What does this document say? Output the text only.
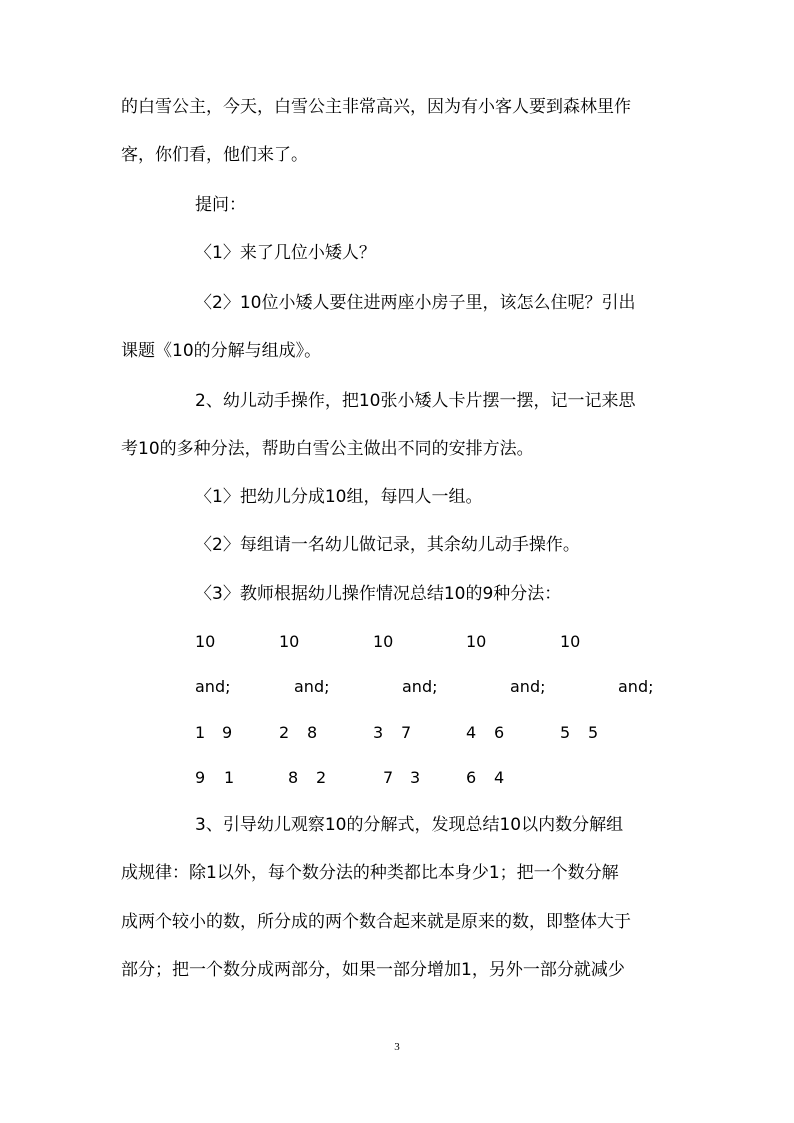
的白雪公主，今天，白雪公主非常高兴，因为有小客人要到森林里作
客，你们看，他们来了。
提问：
〈1〉来了几位小矮人？
〈2〉10位小矮人要住进两座小房子里，该怎么住呢？引出
课题《10的分解与组成》。
2、幼儿动手操作，把10张小矮人卡片摆一摆，记一记来思
考10的多种分法，帮助白雪公主做出不同的安排方法。
〈1〉把幼儿分成10组，每四人一组。
〈2〉每组请一名幼儿做记录，其余幼儿动手操作。
〈3〉教师根据幼儿操作情况总结10的9种分法：
10	10	10	10	10
and;	and;	and;	and;	and;
1 9	2 8	3 7	4 6	5 5
9 1	8 2	7 3	6 4
3、引导幼儿观察10的分解式，发现总结10以内数分解组
成规律：除1以外，每个数分法的种类都比本身少1；把一个数分解
成两个较小的数，所分成的两个数合起来就是原来的数，即整体大于
部分；把一个数分成两部分，如果一部分增加1，另外一部分就减少
3
